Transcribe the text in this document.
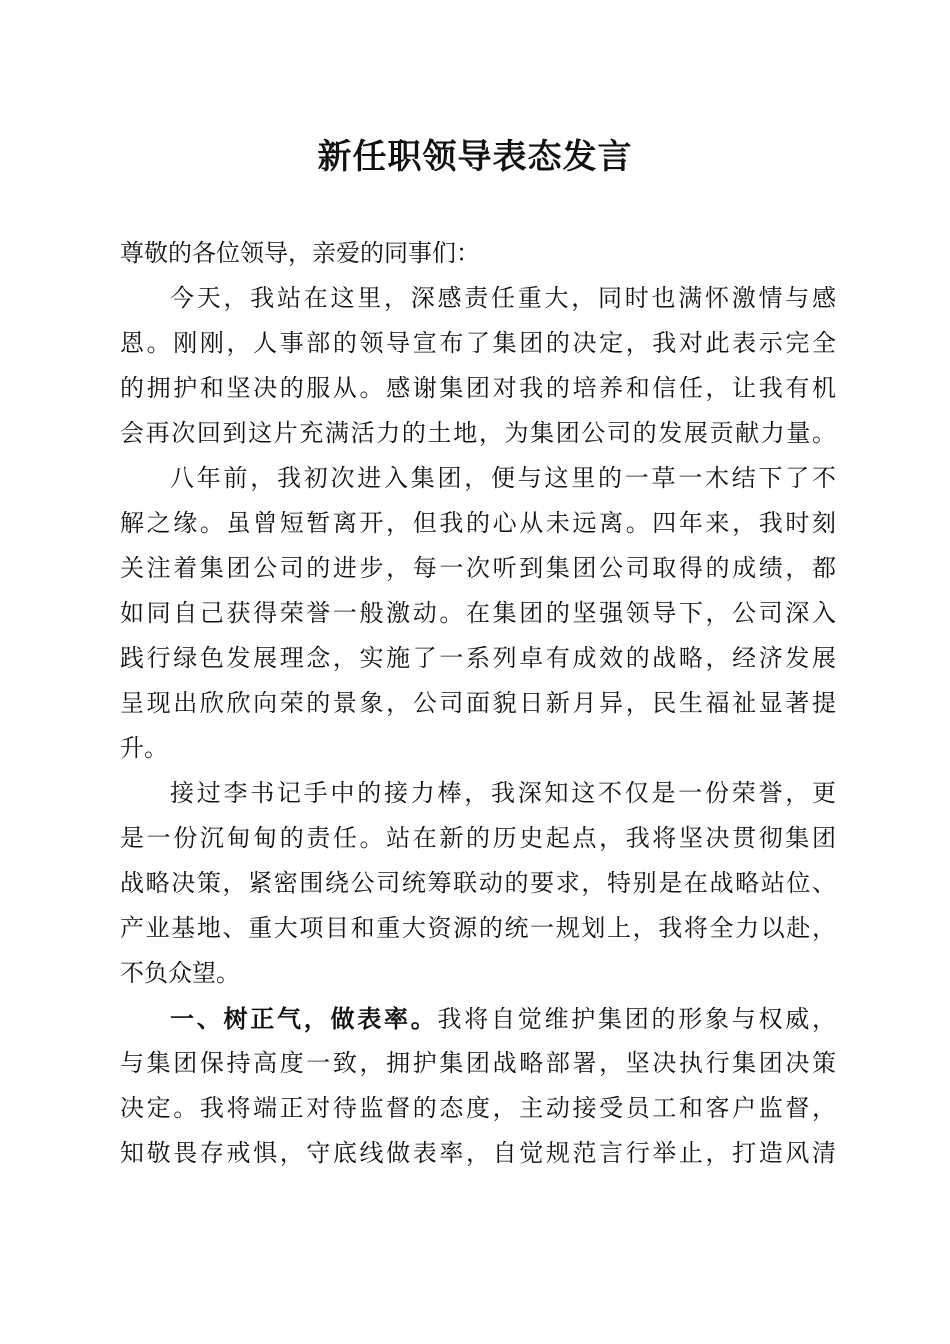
新任职领导表态发言
尊敬的各位领导，亲爱的同事们：
今天，我站在这里，深感责任重大，同时也满怀激情与感
恩。刚刚，人事部的领导宣布了集团的决定，我对此表示完全
的拥护和坚决的服从。感谢集团对我的培养和信任，让我有机
会再次回到这片充满活力的土地，为集团公司的发展贡献力量。
八年前，我初次进入集团，便与这里的一草一木结下了不
解之缘。虽曾短暂离开，但我的心从未远离。四年来，我时刻
关注着集团公司的进步，每一次听到集团公司取得的成绩，都
如同自己获得荣誉一般激动。在集团的坚强领导下，公司深入
践行绿色发展理念，实施了一系列卓有成效的战略，经济发展
呈现出欣欣向荣的景象，公司面貌日新月异，民生福祉显著提
升。
接过李书记手中的接力棒，我深知这不仅是一份荣誉，更
是一份沉甸甸的责任。站在新的历史起点，我将坚决贯彻集团
战略决策，紧密围绕公司统筹联动的要求，特别是在战略站位、
产业基地、重大项目和重大资源的统一规划上，我将全力以赴，
不负众望。
一、树正气，做表率。我将自觉维护集团的形象与权威，
与集团保持高度一致，拥护集团战略部署，坚决执行集团决策
决定。我将端正对待监督的态度，主动接受员工和客户监督，
知敬畏存戒惧，守底线做表率，自觉规范言行举止，打造风清
